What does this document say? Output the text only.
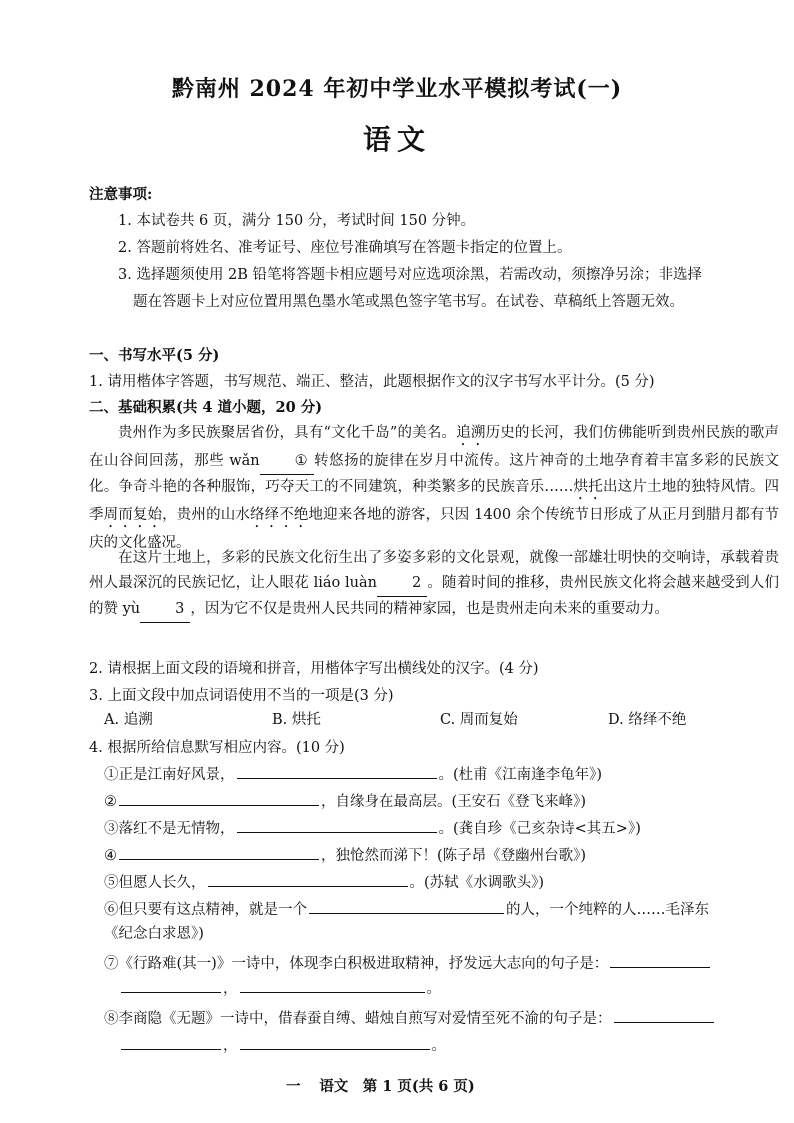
黔南州 2024 年初中学业水平模拟考试(一)
语文
注意事项:
1. 本试卷共 6 页，满分 150 分，考试时间 150 分钟。
2. 答题前将姓名、准考证号、座位号准确填写在答题卡指定的位置上。
3. 选择题须使用 2B 铅笔将答题卡相应题号对应选项涂黑，若需改动，须擦净另涂；非选择
题在答题卡上对应位置用黑色墨水笔或黑色签字笔书写。在试卷、草稿纸上答题无效。
一、书写水平(5 分)
1. 请用楷体字答题，书写规范、端正、整洁，此题根据作文的汉字书写水平计分。(5 分)
二、基础积累(共 4 道小题，20 分)
贵州作为多民族聚居省份，具有“文化千岛”的美名。追溯历史的长河，我们仿佛能听到贵州民族的歌声在山谷间回荡，那些 wǎn ① 转悠扬的旋律在岁月中流传。这片神奇的土地孕育着丰富多彩的民族文化。争奇斗艳的各种服饰，巧夺天工的不同建筑，种类繁多的民族音乐……烘托出这片土地的独特风情。四季周而复始，贵州的山水络绎不绝地迎来各地的游客，只因 1400 余个传统节日形成了从正月到腊月都有节庆的文化盛况。
在这片土地上，多彩的民族文化衍生出了多姿多彩的文化景观，就像一部雄壮明快的交响诗，承载着贵州人最深沉的民族记忆，让人眼花 liáo luàn 2 。随着时间的推移，贵州民族文化将会越来越受到人们的赞 yù 3 ，因为它不仅是贵州人民共同的精神家园，也是贵州走向未来的重要动力。
2. 请根据上面文段的语境和拼音，用楷体字写出横线处的汉字。(4 分)
3. 上面文段中加点词语使用不当的一项是(3 分)
A. 追溯	B. 烘托	C. 周而复始	D. 络绎不绝
4. 根据所给信息默写相应内容。(10 分)
①正是江南好风景，	。(杜甫《江南逢李龟年》)
②	，自缘身在最高层。(王安石《登飞来峰》)
③落红不是无情物，	。(龚自珍《己亥杂诗<其五>》)
④	，独怆然而涕下！(陈子昂《登幽州台歌》)
⑤但愿人长久，	。(苏轼《水调歌头》)
⑥但只要有这点精神，就是一个	的人，一个纯粹的人……毛泽东
《纪念白求恩》)
⑦《行路难(其一)》一诗中，体现李白积极进取精神，抒发远大志向的句子是：
，	。
⑧李商隐《无题》一诗中，借春蚕自缚、蜡烛自煎写对爱情至死不渝的句子是：
，	。
一 语文　第 1 页(共 6 页)
